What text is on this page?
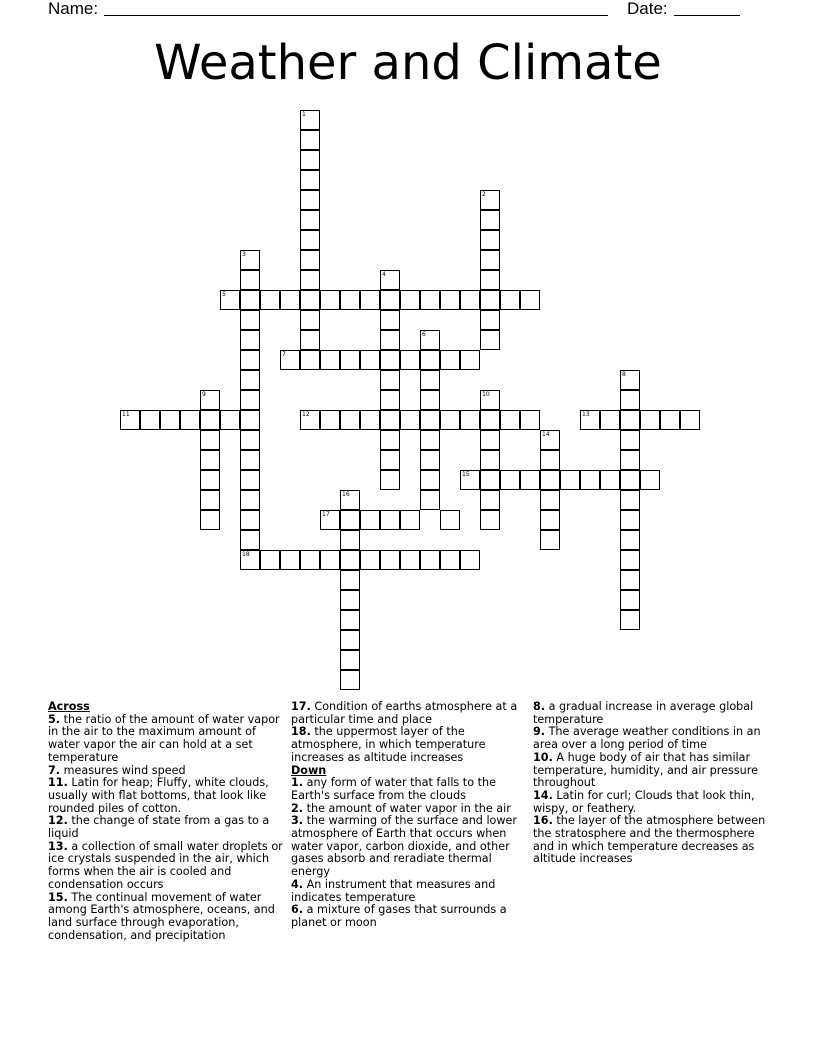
Name:	Date:
Weather and Climate
1
2
3
4
5
6
7
8
9	10
11	12	13
14
15
16
17
18
Across
5. the ratio of the amount of water vapor in the air to the maximum amount of water vapor the air can hold at a set temperature
7. measures wind speed
11. Latin for heap; Fluffy, white clouds, usually with flat bottoms, that look like rounded piles of cotton.
12. the change of state from a gas to a liquid
13. a collection of small water droplets or ice crystals suspended in the air, which forms when the air is cooled and condensation occurs
15. The continual movement of water among Earth's atmosphere, oceans, and land surface through evaporation, condensation, and precipitation
17. Condition of earths atmosphere at a particular time and place
18. the uppermost layer of the atmosphere, in which temperature increases as altitude increases
Down
1. any form of water that falls to the Earth's surface from the clouds
2. the amount of water vapor in the air
3. the warming of the surface and lower atmosphere of Earth that occurs when water vapor, carbon dioxide, and other gases absorb and reradiate thermal energy
4. An instrument that measures and indicates temperature
6. a mixture of gases that surrounds a planet or moon
8. a gradual increase in average global temperature
9. The average weather conditions in an area over a long period of time
10. A huge body of air that has similar temperature, humidity, and air pressure throughout
14. Latin for curl; Clouds that look thin, wispy, or feathery.
16. the layer of the atmosphere between the stratosphere and the thermosphere and in which temperature decreases as altitude increases
